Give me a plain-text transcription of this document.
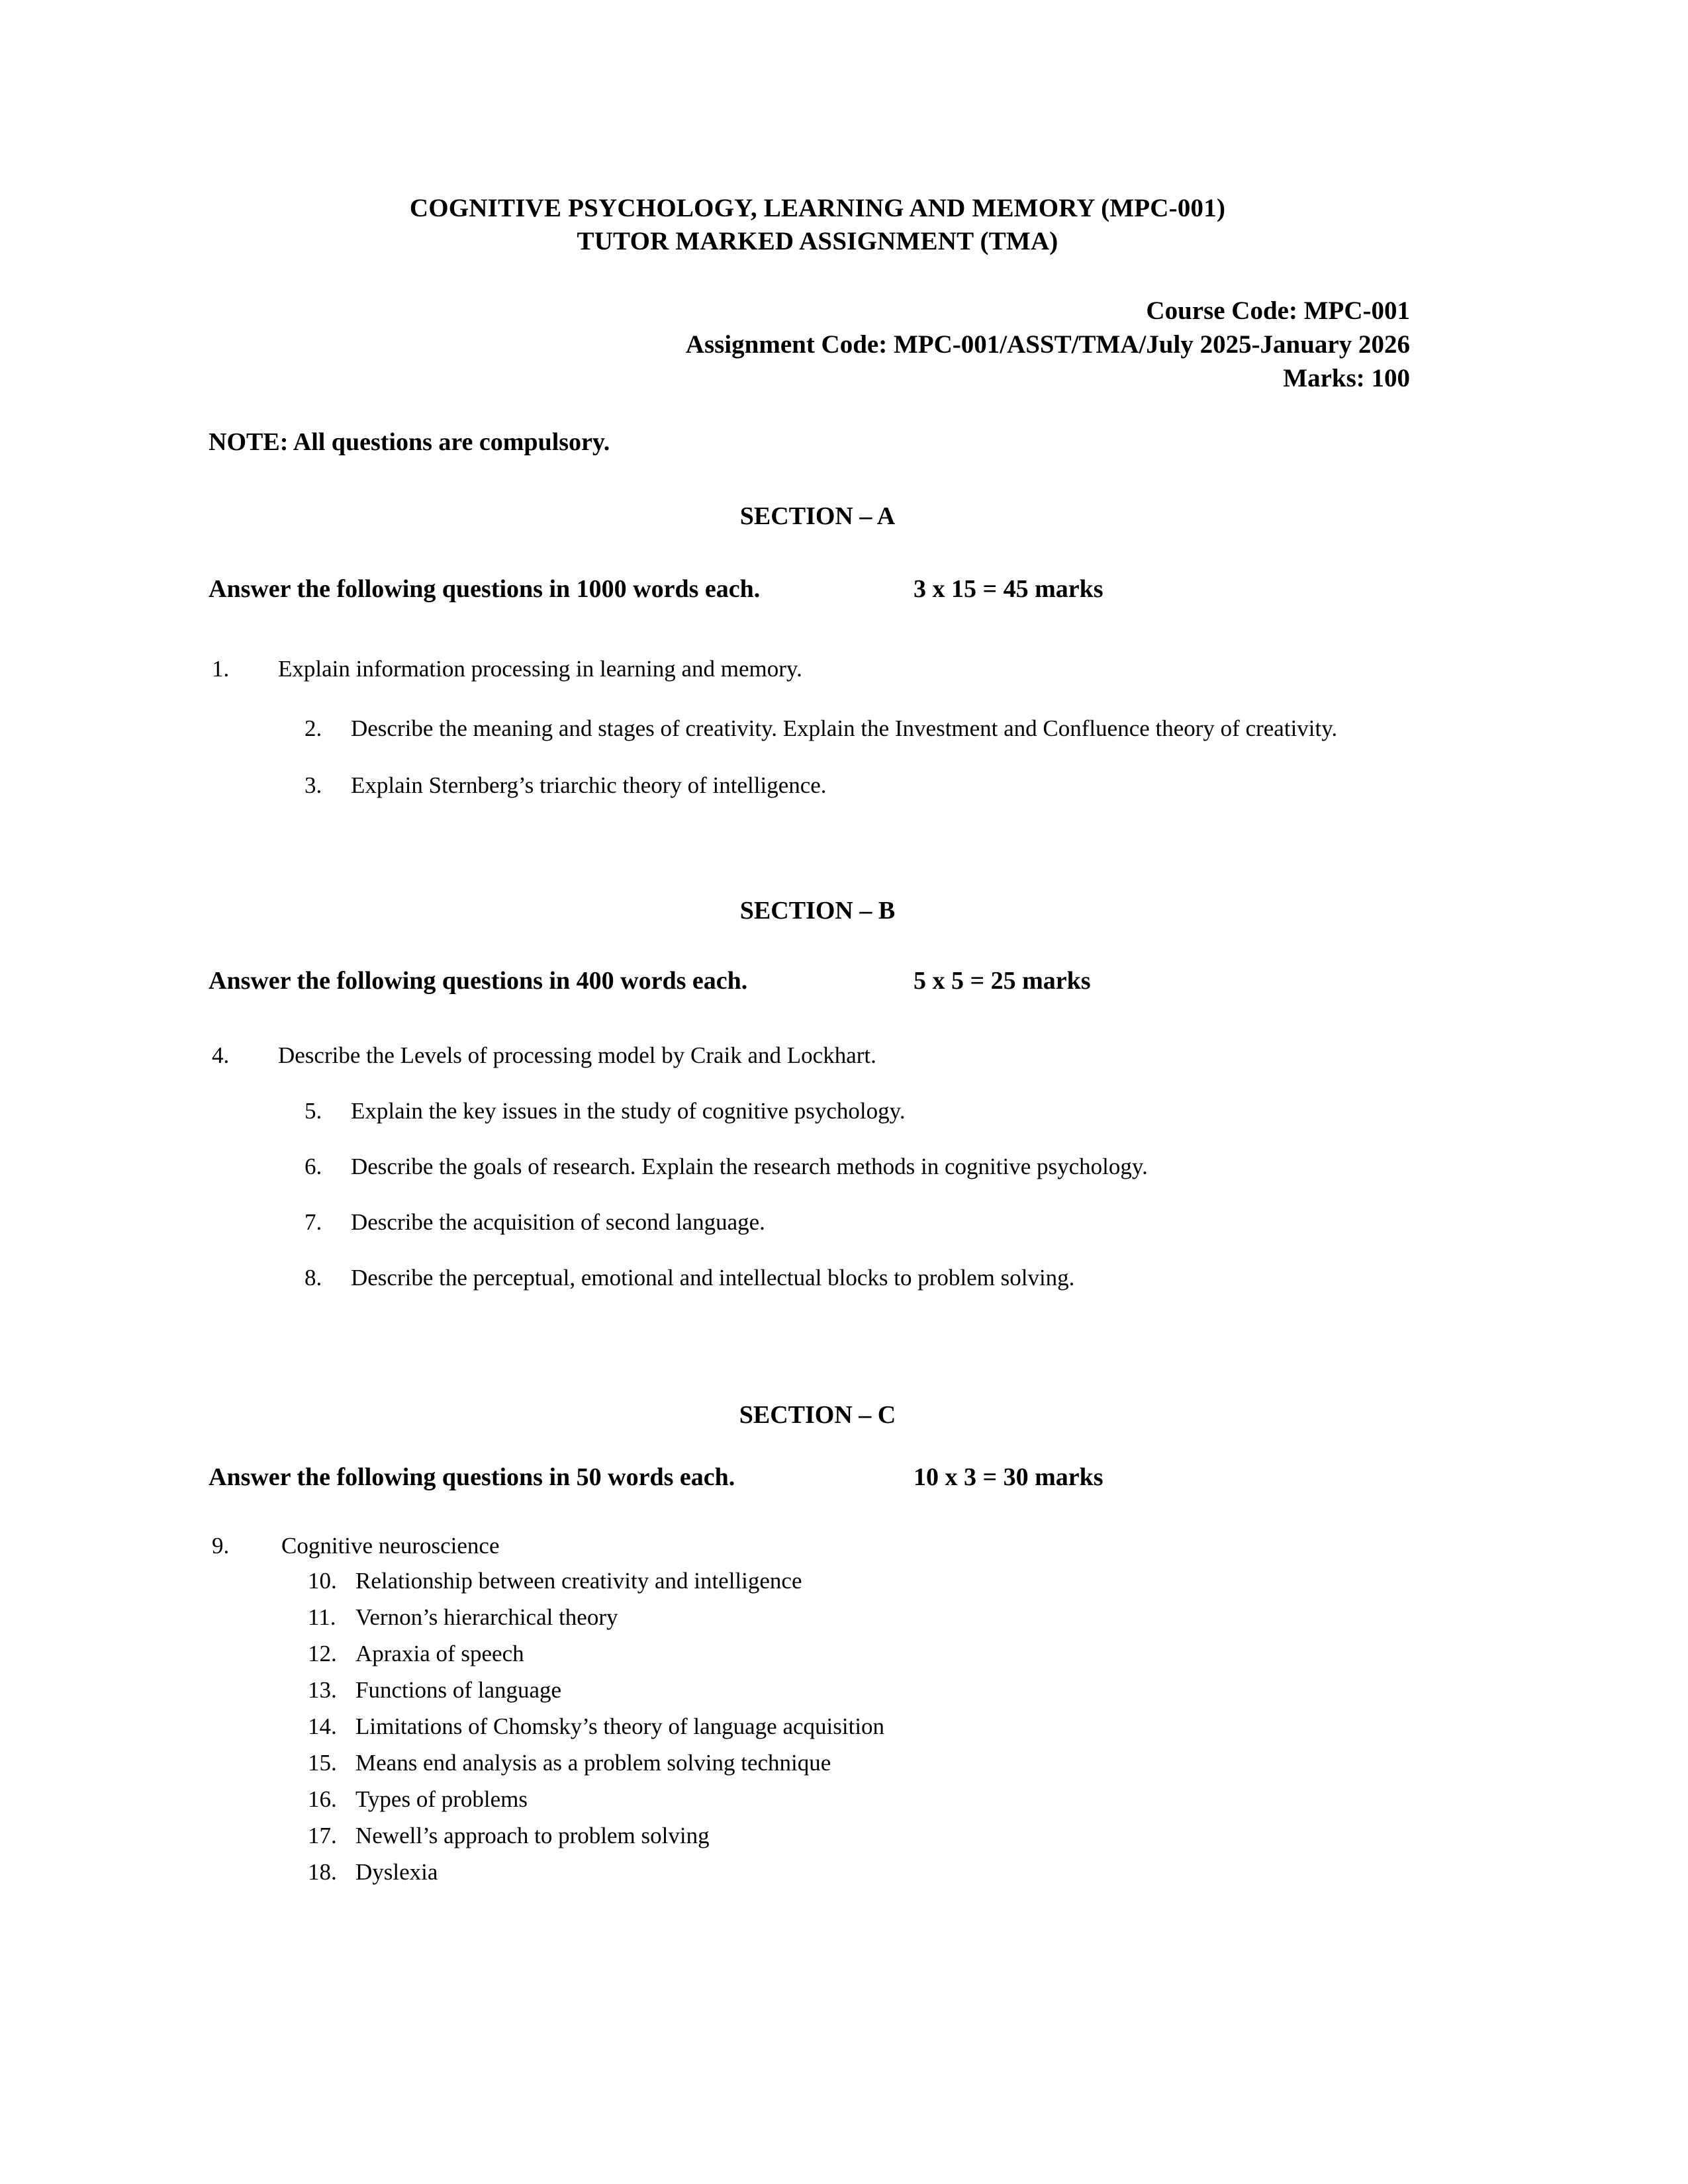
COGNITIVE PSYCHOLOGY, LEARNING AND MEMORY (MPC-001)
TUTOR MARKED ASSIGNMENT (TMA)
Course Code: MPC-001
Assignment Code: MPC-001/ASST/TMA/July 2025-January 2026
Marks: 100
NOTE: All questions are compulsory.
SECTION – A
Answer the following questions in 1000 words each.	3 x 15 = 45 marks
1.	Explain information processing in learning and memory.
2.	Describe the meaning and stages of creativity. Explain the Investment and Confluence theory of creativity.
3.	Explain Sternberg’s triarchic theory of intelligence.
SECTION – B
Answer the following questions in 400 words each.	5 x 5 = 25 marks
4.	Describe the Levels of processing model by Craik and Lockhart.
5.	Explain the key issues in the study of cognitive psychology.
6.	Describe the goals of research. Explain the research methods in cognitive psychology.
7.	Describe the acquisition of second language.
8.	Describe the perceptual, emotional and intellectual blocks to problem solving.
SECTION – C
Answer the following questions in 50 words each.	10 x 3 = 30 marks
9.	Cognitive neuroscience
10. Relationship between creativity and intelligence
11. Vernon’s hierarchical theory
12. Apraxia of speech
13. Functions of language
14. Limitations of Chomsky’s theory of language acquisition
15. Means end analysis as a problem solving technique
16. Types of problems
17. Newell’s approach to problem solving
18. Dyslexia
